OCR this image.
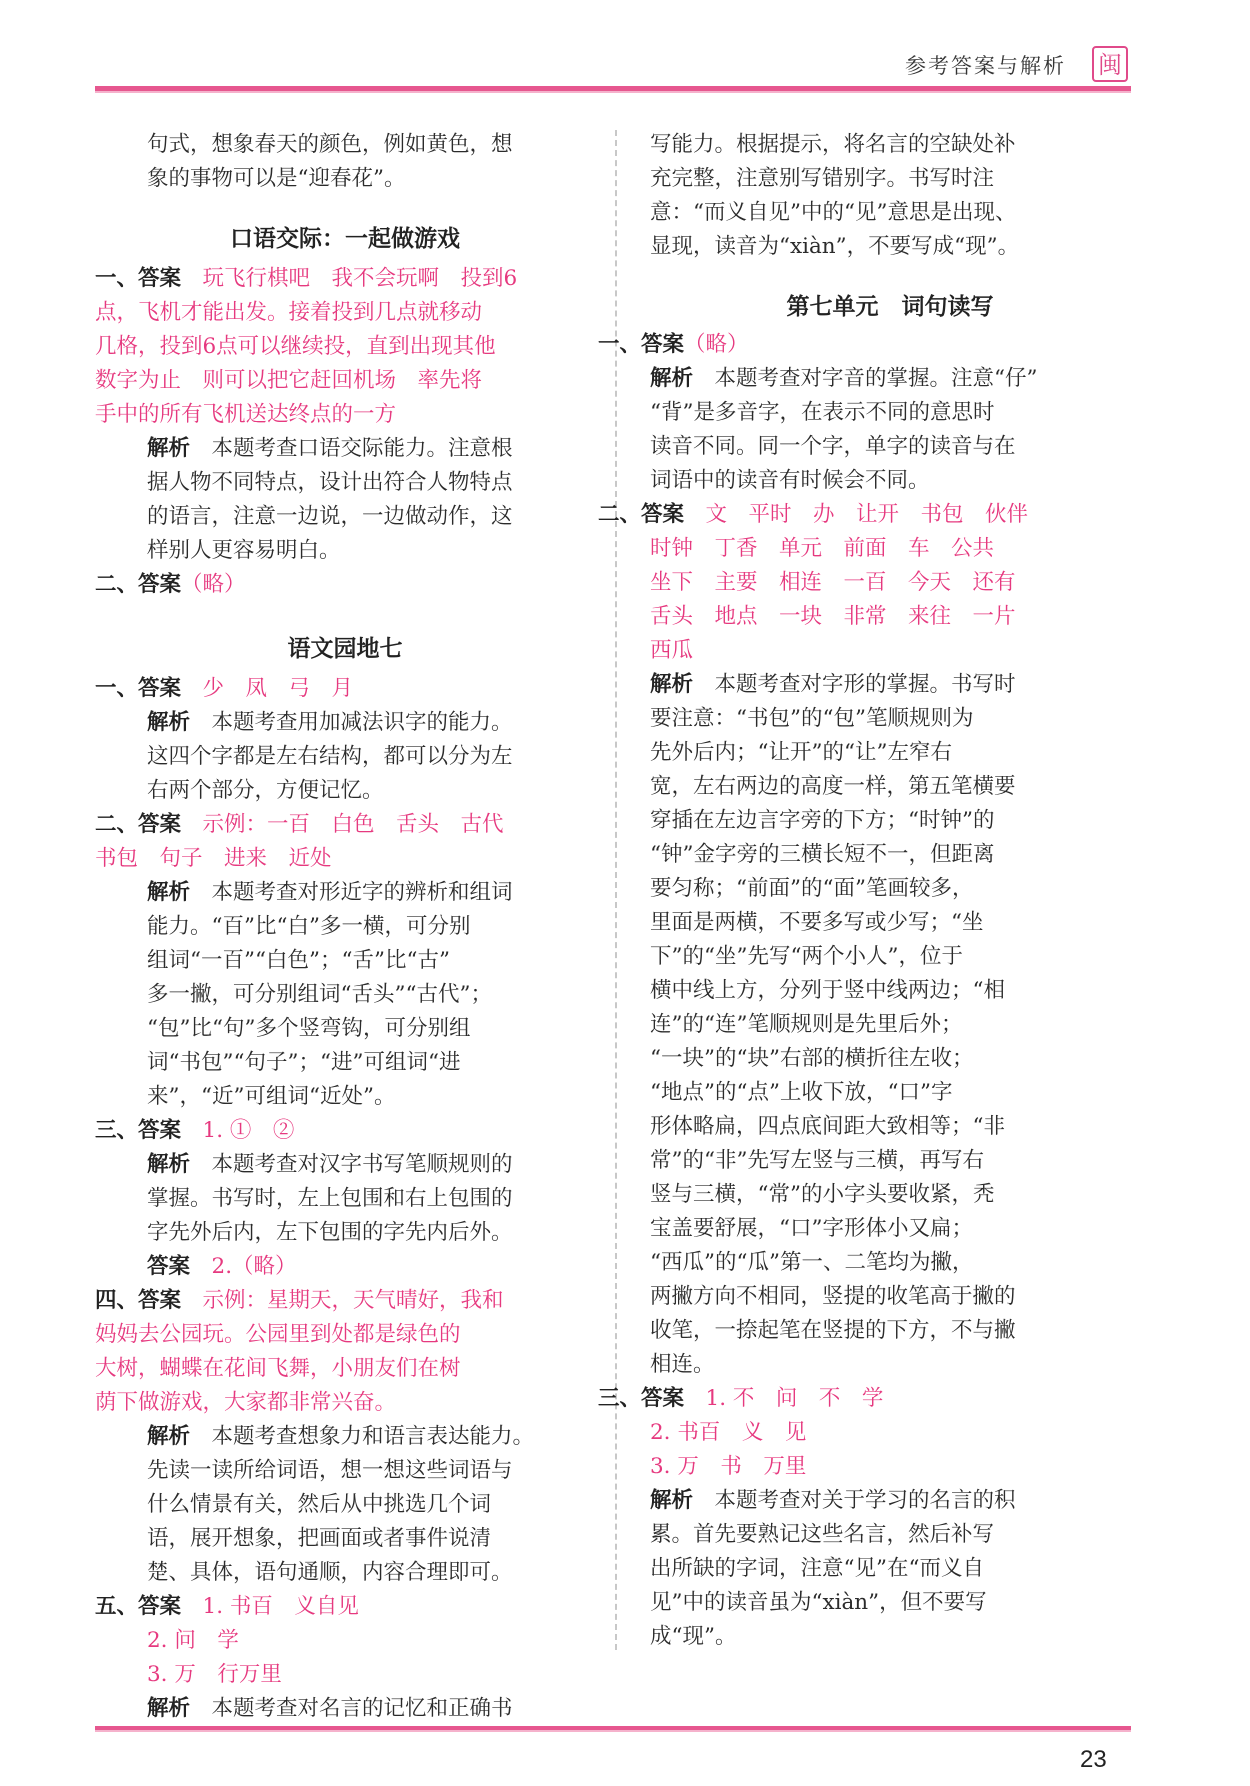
参考答案与解析 闽

句式，想象春天的颜色，例如黄色，想

象的事物可以是“迎春花”。

口语交际：一起做游戏

一、答案　 玩飞行棋吧　我不会玩啊　投到6

点，飞机才能出发。接着投到几点就移动

几格，投到6点可以继续投，直到出现其他

数字为止　则可以把它赶回机场　率先将

手中的所有飞机送达终点的一方

解析　 本题考查口语交际能力。注意根

据人物不同特点，设计出符合人物特点

的语言，注意一边说，一边做动作，这

样别人更容易明白。

二、答案（略）

语文园地七

一、答案　 少　凤　弓　月

解析　 本题考查用加减法识字的能力。

这四个字都是左右结构，都可以分为左

右两个部分，方便记忆。

二、答案　 示例：一百　白色　舌头　古代

书包　句子　进来　近处

解析　 本题考查对形近字的辨析和组词

能力。“百”比“白”多一横，可分别

组词“一百”“白色”；“舌”比“古”

多一撇，可分别组词“舌头”“古代”；

“包”比“句”多个竖弯钩，可分别组

词“书包”“句子”；“进”可组词“进

来”，“近”可组词“近处”。

三、答案　 1. ①　②

解析　 本题考查对汉字书写笔顺规则的

掌握。书写时，左上包围和右上包围的

字先外后内，左下包围的字先内后外。

答案　 2.（略）

四、答案　 示例：星期天，天气晴好，我和

妈妈去公园玩。公园里到处都是绿色的

大树，蝴蝶在花间飞舞，小朋友们在树

荫下做游戏，大家都非常兴奋。

解析　 本题考查想象力和语言表达能力。

先读一读所给词语，想一想这些词语与

什么情景有关，然后从中挑选几个词

语，展开想象，把画面或者事件说清

楚、具体，语句通顺，内容合理即可。

五、答案　 1. 书百　义自见

2. 问　学

3. 万　行万里

解析　 本题考查对名言的记忆和正确书

写能力。根据提示，将名言的空缺处补

充完整，注意别写错别字。书写时注

意：“而义自见”中的“见”意思是出现、

显现，读音为“xiàn”，不要写成“现”。

第七单元　词句读写

一、答案（略）

解析　 本题考查对字音的掌握。注意“仔”

“背”是多音字，在表示不同的意思时

读音不同。同一个字，单字的读音与在

词语中的读音有时候会不同。

二、答案　 文　平时　办　让开　书包　伙伴

时钟　丁香　单元　前面　车　公共

坐下　主要　相连　一百　今天　还有

舌头　地点　一块　非常　来往　一片

西瓜

解析　 本题考查对字形的掌握。书写时

要注意：“书包”的“包”笔顺规则为

先外后内；“让开”的“让”左窄右

宽，左右两边的高度一样，第五笔横要

穿插在左边言字旁的下方；“时钟”的

“钟”金字旁的三横长短不一，但距离

要匀称；“前面”的“面”笔画较多，

里面是两横，不要多写或少写；“坐

下”的“坐”先写“两个小人”，位于

横中线上方，分列于竖中线两边；“相

连”的“连”笔顺规则是先里后外；

“一块”的“块”右部的横折往左收；

“地点”的“点”上收下放，“口”字

形体略扁，四点底间距大致相等；“非

常”的“非”先写左竖与三横，再写右

竖与三横，“常”的小字头要收紧，秃

宝盖要舒展，“口”字形体小又扁；

“西瓜”的“瓜”第一、二笔均为撇，

两撇方向不相同，竖提的收笔高于撇的

收笔，一捺起笔在竖提的下方，不与撇

相连。

三、答案　 1. 不　问　不　学

2. 书百　义　见

3. 万　书　万里

解析　 本题考查对关于学习的名言的积

累。首先要熟记这些名言，然后补写

出所缺的字词，注意“见”在“而义自

见”中的读音虽为“xiàn”，但不要写

成“现”。

23
